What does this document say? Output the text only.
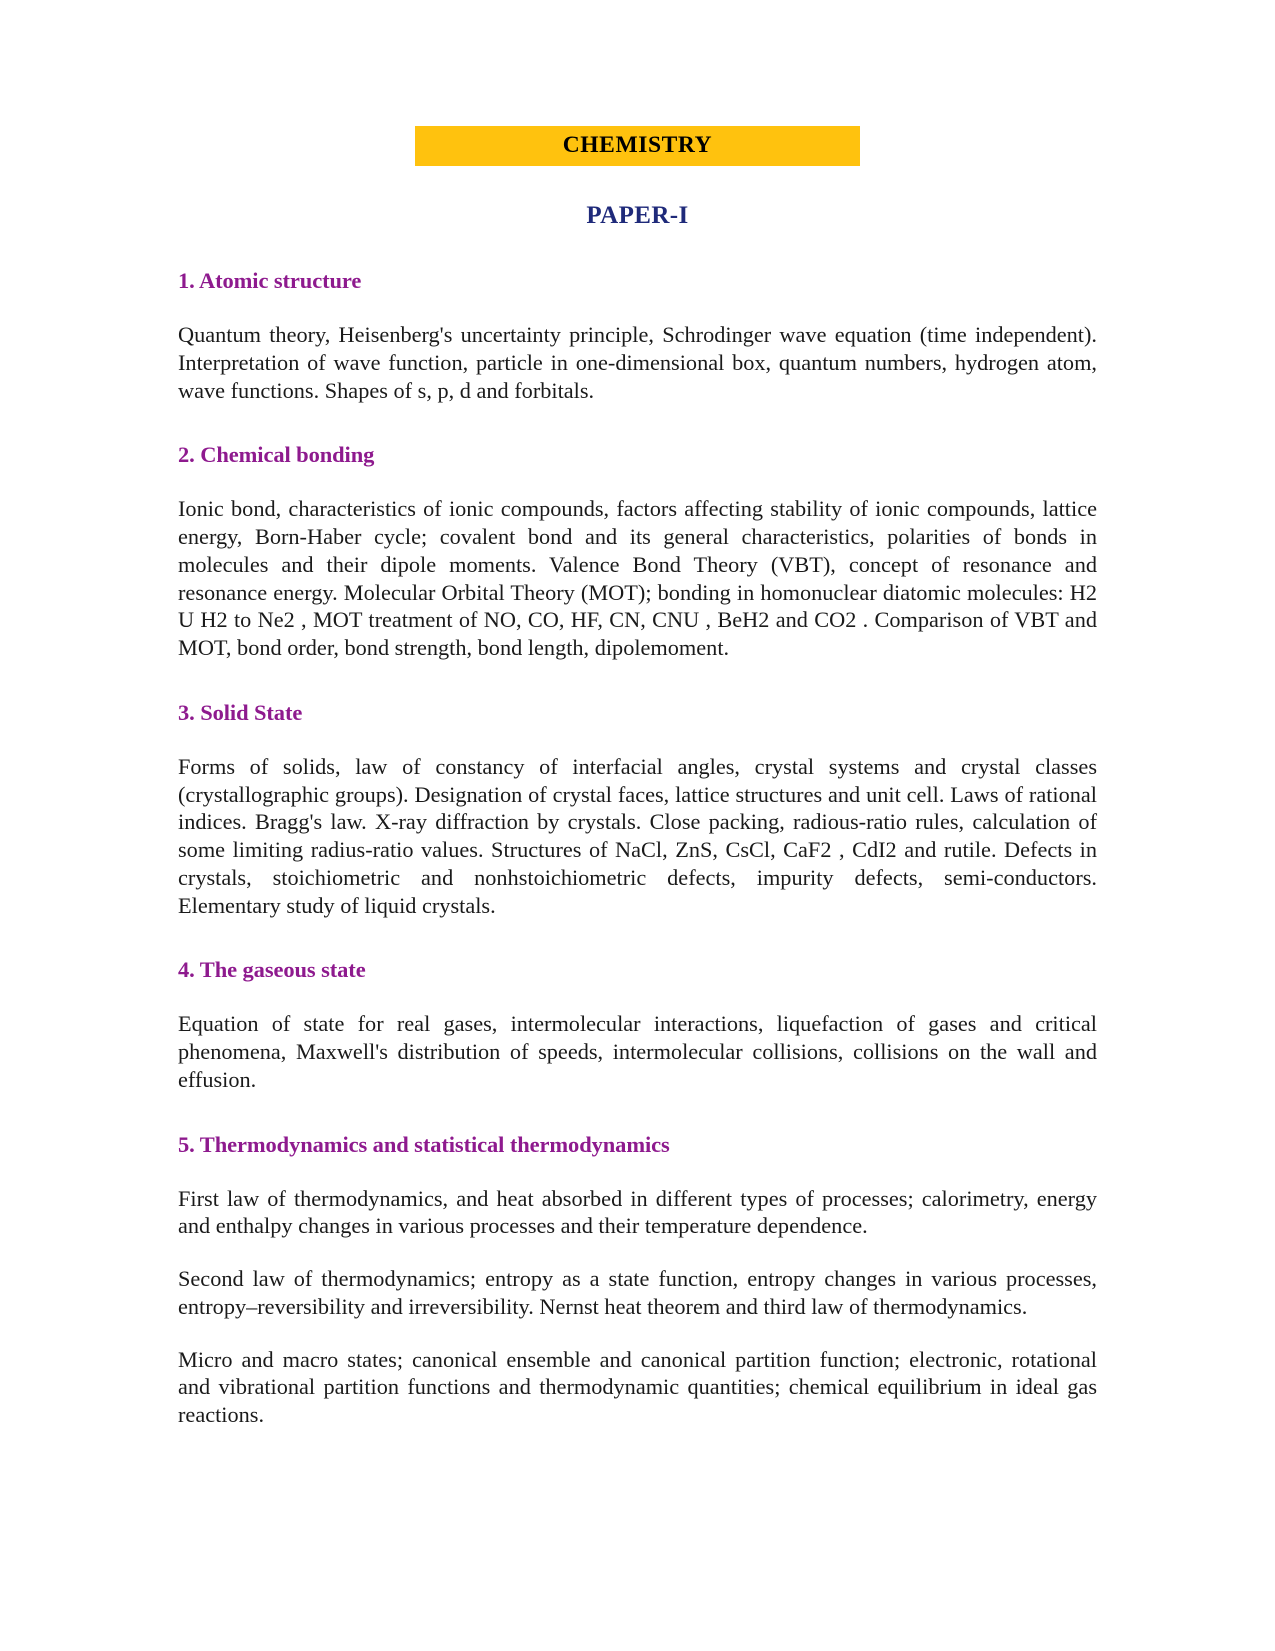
CHEMISTRY
PAPER-I
1. Atomic structure

Quantum theory, Heisenberg's uncertainty principle, Schrodinger wave equation (time independent). Interpretation of wave function, particle in one-dimensional box, quantum numbers, hydrogen atom, wave functions. Shapes of s, p, d and forbitals.

2. Chemical bonding

Ionic bond, characteristics of ionic compounds, factors affecting stability of ionic compounds, lattice energy, Born-Haber cycle; covalent bond and its general characteristics, polarities of bonds in molecules and their dipole moments. Valence Bond Theory (VBT), concept of resonance and resonance energy. Molecular Orbital Theory (MOT); bonding in homonuclear diatomic molecules: H2 U H2 to Ne2 , MOT treatment of NO, CO, HF, CN, CNU , BeH2 and CO2 . Comparison of VBT and MOT, bond order, bond strength, bond length, dipolemoment.

3. Solid State

Forms of solids, law of constancy of interfacial angles, crystal systems and crystal classes (crystallographic groups). Designation of crystal faces, lattice structures and unit cell. Laws of rational indices. Bragg's law. X-ray diffraction by crystals. Close packing, radious-ratio rules, calculation of some limiting radius-ratio values. Structures of NaCl, ZnS, CsCl, CaF2 , CdI2 and rutile. Defects in crystals, stoichiometric and nonhstoichiometric defects, impurity defects, semi-conductors. Elementary study of liquid crystals.

4. The gaseous state

Equation of state for real gases, intermolecular interactions, liquefaction of gases and critical phenomena, Maxwell's distribution of speeds, intermolecular collisions, collisions on the wall and effusion.

5. Thermodynamics and statistical thermodynamics

First law of thermodynamics, and heat absorbed in different types of processes; calorimetry, energy and enthalpy changes in various processes and their temperature dependence.

Second law of thermodynamics; entropy as a state function, entropy changes in various processes, entropy–reversibility and irreversibility. Nernst heat theorem and third law of thermodynamics.

Micro and macro states; canonical ensemble and canonical partition function; electronic, rotational and vibrational partition functions and thermodynamic quantities; chemical equilibrium in ideal gas reactions.
